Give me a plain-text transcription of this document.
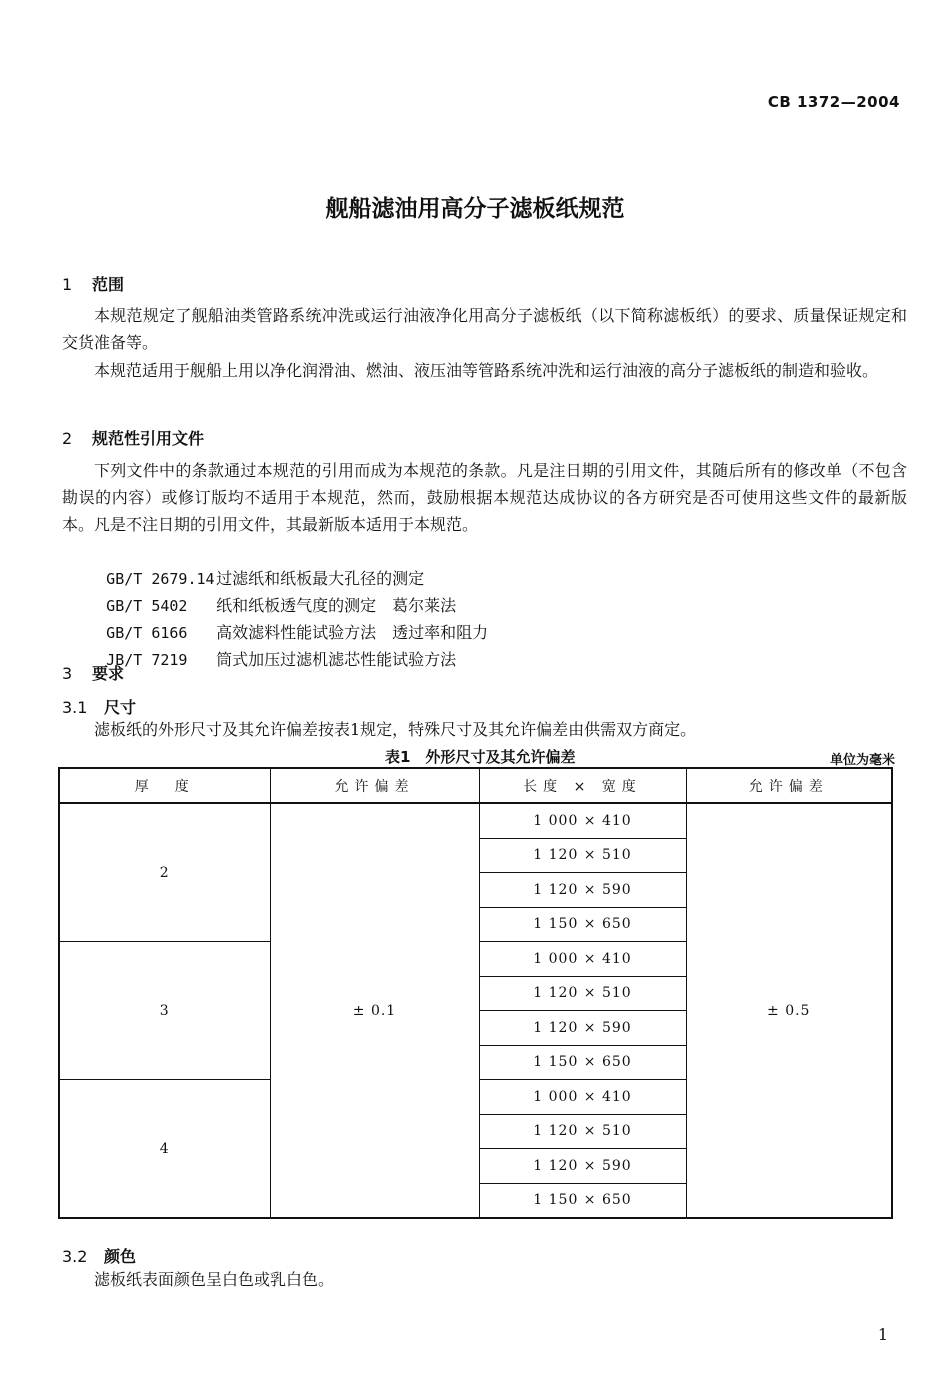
CB 1372—2004
舰船滤油用高分子滤板纸规范
1 范围
本规范规定了舰船油类管路系统冲洗或运行油液净化用高分子滤板纸（以下简称滤板纸）的要求、质量保证规定和交货准备等。
本规范适用于舰船上用以净化润滑油、燃油、液压油等管路系统冲洗和运行油液的高分子滤板纸的制造和验收。
2 规范性引用文件
下列文件中的条款通过本规范的引用而成为本规范的条款。凡是注日期的引用文件，其随后所有的修改单（不包含勘误的内容）或修订版均不适用于本规范，然而，鼓励根据本规范达成协议的各方研究是否可使用这些文件的最新版本。凡是不注日期的引用文件，其最新版本适用于本规范。

GB/T 2679.14 过滤纸和纸板最大孔径的测定

GB/T 5402 纸和纸板透气度的测定　葛尔莱法

GB/T 6166 高效滤料性能试验方法　透过率和阻力

JB/T 7219 筒式加压过滤机滤芯性能试验方法

3 要求
3.1 尺寸
滤板纸的外形尺寸及其允许偏差按表1规定，特殊尺寸及其允许偏差由供需双方商定。
表1　外形尺寸及其允许偏差	单位为毫米
厚　度	允许偏差	长度 × 宽度	允许偏差
2	± 0.1	1 000 × 410	± 0.5
		1 120 × 510	
		1 120 × 590	
		1 150 × 650	
3		1 000 × 410	
		1 120 × 510	
		1 120 × 590	
		1 150 × 650	
4		1 000 × 410	
		1 120 × 510	
		1 120 × 590	
		1 150 × 650	
3.2 颜色
滤板纸表面颜色呈白色或乳白色。
1
